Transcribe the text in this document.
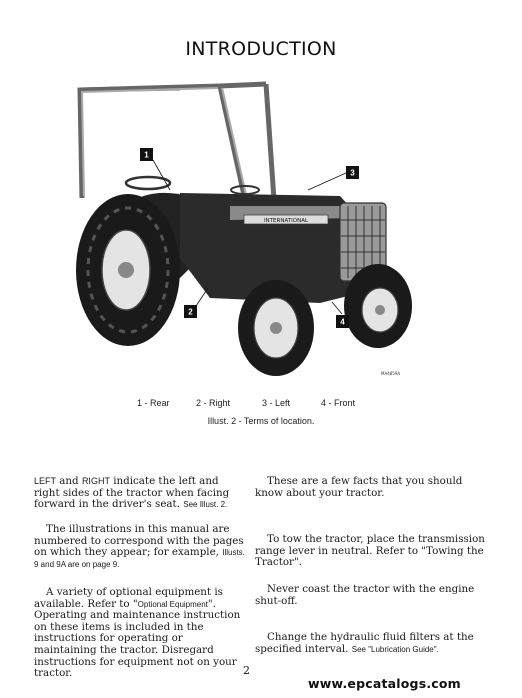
INTRODUCTION
INTERNATIONAL
1
2
3
4
MA4859A
1 - Rear	2 - Right	3 - Left	4 - Front
Illust. 2 - Terms of location.
LEFT and RIGHT indicate the left and right sides of the tractor when facing forward in the driver's seat. See Illust. 2.
The illustrations in this manual are numbered to correspond with the pages on which they appear; for example, Illusts. 9 and 9A are on page 9.
A variety of optional equipment is available. Refer to "Optional Equipment". Operating and maintenance instruction on these items is included in the instructions for operating or maintaining the tractor. Disregard instructions for equipment not on your tractor.
These are a few facts that you should know about your tractor.
To tow the tractor, place the transmission range lever in neutral. Refer to "Towing the Tractor".
Never coast the tractor with the engine shut-off.
Change the hydraulic fluid filters at the specified interval. See "Lubrication Guide".
2
www.epcatalogs.com
